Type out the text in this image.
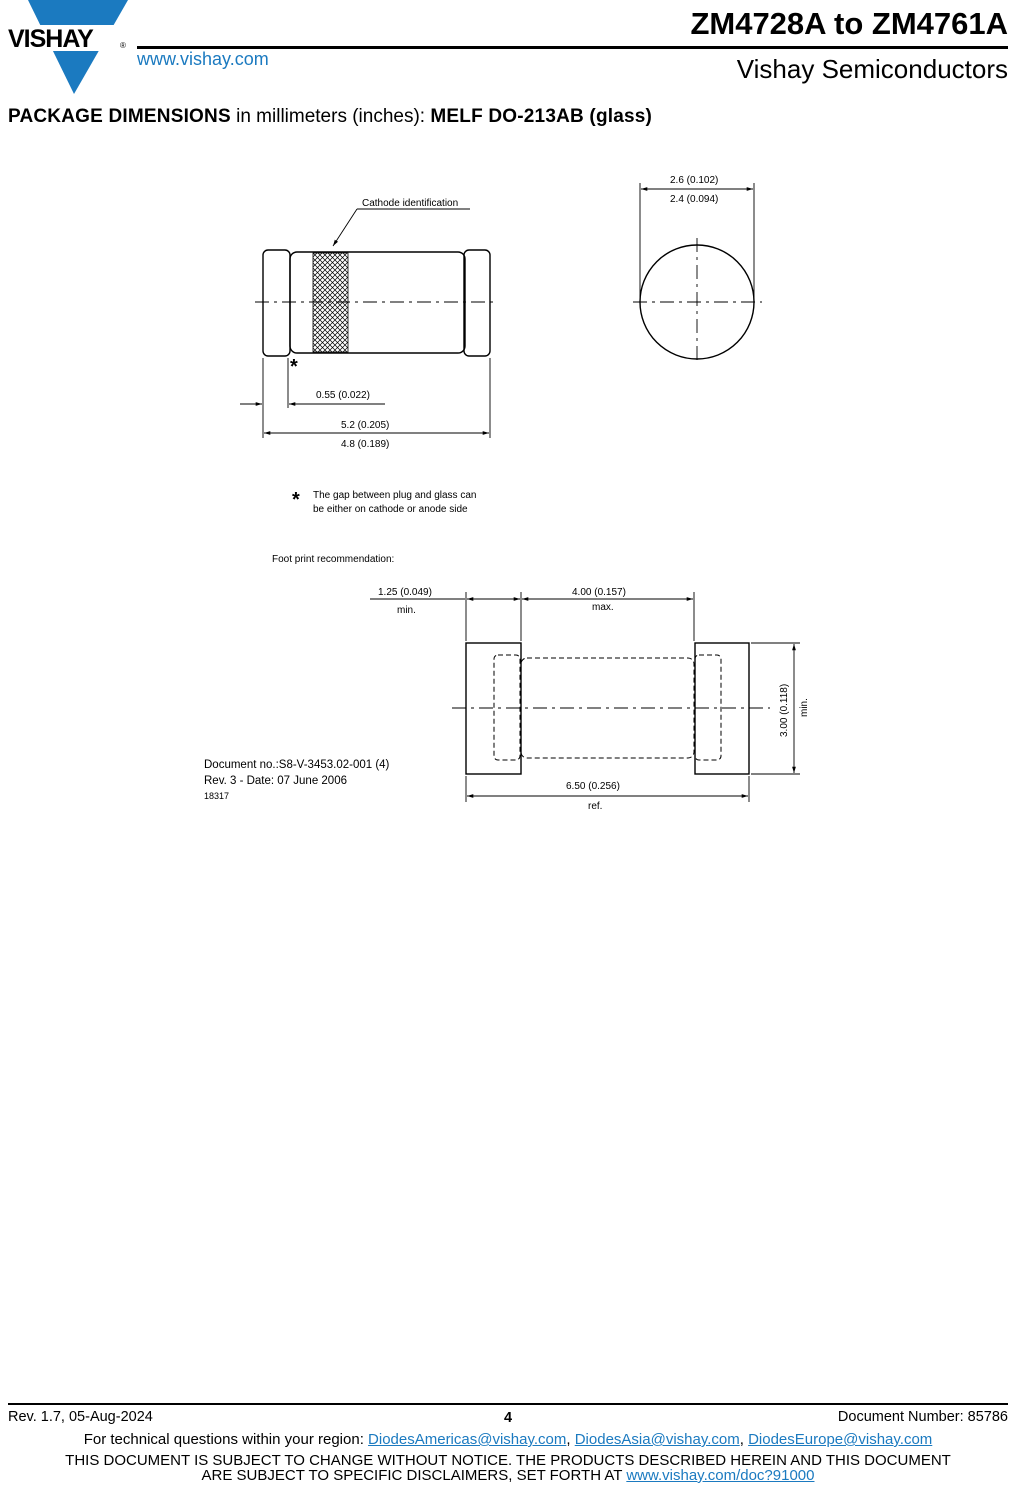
VISHAY	®
www.vishay.com
ZM4728A to ZM4761A
Vishay Semiconductors
PACKAGE DIMENSIONS in millimeters (inches): MELF DO-213AB (glass)
Cathode identification
*
0.55 (0.022)
5.2 (0.205)
4.8 (0.189)
2.6 (0.102)
2.4 (0.094)
* The gap between plug and glass can
be either on cathode or anode side
Foot print recommendation:
1.25 (0.049)
min.
4.00 (0.157)
max.
3.00 (0.118) min.
6.50 (0.256)
ref.
Document no.:S8-V-3453.02-001 (4)
Rev. 3 - Date: 07 June 2006
18317
Rev. 1.7, 05-Aug-2024	4	Document Number: 85786
For technical questions within your region: DiodesAmericas@vishay.com, DiodesAsia@vishay.com, DiodesEurope@vishay.com
THIS DOCUMENT IS SUBJECT TO CHANGE WITHOUT NOTICE. THE PRODUCTS DESCRIBED HEREIN AND THIS DOCUMENT
ARE SUBJECT TO SPECIFIC DISCLAIMERS, SET FORTH AT www.vishay.com/doc?91000
